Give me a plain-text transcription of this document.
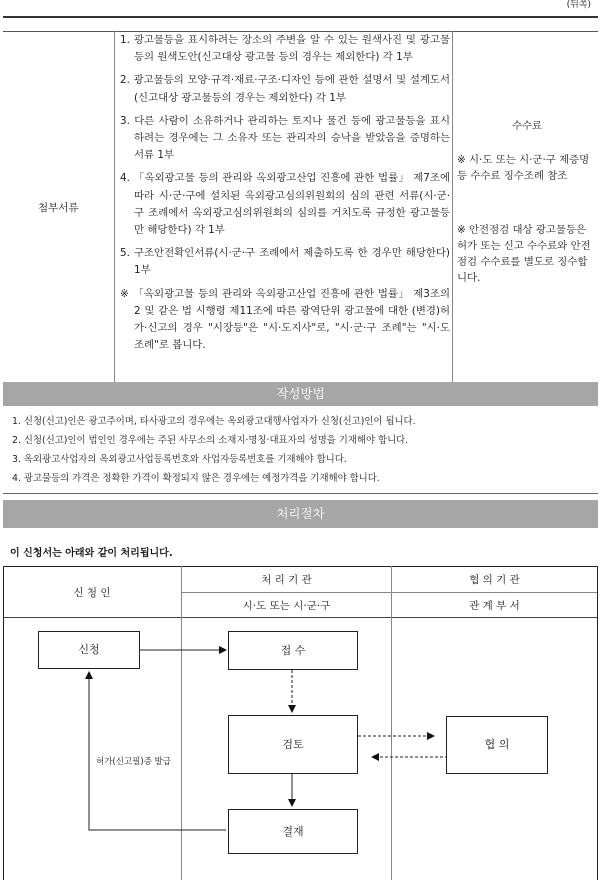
(뒤쪽)
첨부서류
1. 광고물등을 표시하려는 장소의 주변을 알 수 있는 원색사진 및 광고물등의 원색도안(신고대상 광고물 등의 경우는 제외한다) 각 1부
2. 광고물등의 모양·규격·재료·구조·디자인 등에 관한 설명서 및 설계도서(신고대상 광고물등의 경우는 제외한다) 각 1부
3. 다른 사람이 소유하거나 관리하는 토지나 물건 등에 광고물등을 표시하려는 경우에는 그 소유자 또는 관리자의 승낙을 받았음을 증명하는 서류 1부
4. 「옥외광고물 등의 관리와 옥외광고산업 진흥에 관한 법률」 제7조에 따라 시·군·구에 설치된 옥외광고심의위원회의 심의 관련 서류(시·군·구 조례에서 옥외광고심의위원회의 심의를 거치도록 규정한 광고물등만 해당한다) 각 1부
5. 구조안전확인서류(시·군·구 조례에서 제출하도록 한 경우만 해당한다) 1부
※ 「옥외광고물 등의 관리와 옥외광고산업 진흥에 관한 법률」 제3조의2 및 같은 법 시행령 제11조에 따른 광역단위 광고물에 대한 (변경)허가·신고의 경우 "시장등"은 "시·도지사"로, "시·군·구 조례"는 "시·도 조례"로 봅니다.
수수료
※ 시·도 또는 시·군·구 제증명등 수수료 징수조례 참조
※ 안전점검 대상 광고물등은 허가 또는 신고 수수료와 안전점검 수수료를 별도로 징수합니다.
작성방법
1. 신청(신고)인은 광고주이며, 타사광고의 경우에는 옥외광고대행사업자가 신청(신고)인이 됩니다.
2. 신청(신고)인이 법인인 경우에는 주된 사무소의 소재지·명칭·대표자의 성명을 기재해야 합니다.
3. 옥외광고사업자의 옥외광고사업등록번호와 사업자등록번호를 기재해야 합니다.
4. 광고물등의 가격은 정확한 가격이 확정되지 않은 경우에는 예정가격을 기재해야 합니다.
처리절차
이 신청서는 아래와 같이 처리됩니다.
신 청 인
처 리 기 관
시·도 또는 시·군·구
협 의 기 관
관 계 부 서
신청	접 수
검토	협 의
결재
허가(신고필)증 발급
